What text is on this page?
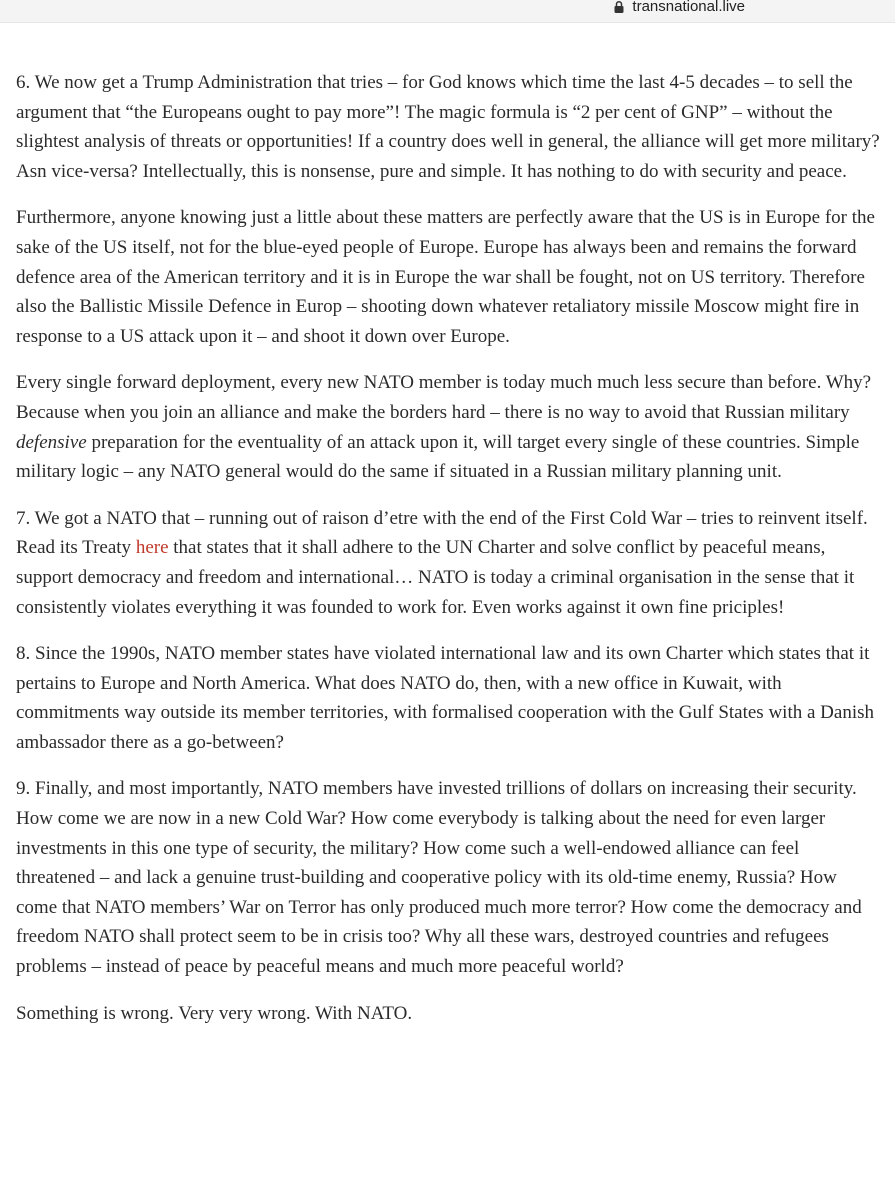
transnational.live

6. We now get a Trump Administration that tries – for God knows which time the last 4-5 decades – to sell the argument that “the Europeans ought to pay more”! The magic formula is “2 per cent of GNP” – without the slightest analysis of threats or opportunities! If a country does well in general, the alliance will get more military? Asn vice-versa? Intellectually, this is nonsense, pure and simple. It has nothing to do with security and peace.

Furthermore, anyone knowing just a little about these matters are perfectly aware that the US is in Europe for the sake of the US itself, not for the blue-eyed people of Europe. Europe has always been and remains the forward defence area of the American territory and it is in Europe the war shall be fought, not on US territory. Therefore also the Ballistic Missile Defence in Europ – shooting down whatever retaliatory missile Moscow might fire in response to a US attack upon it – and shoot it down over Europe.

Every single forward deployment, every new NATO member is today much much less secure than before. Why? Because when you join an alliance and make the borders hard – there is no way to avoid that Russian military defensive preparation for the eventuality of an attack upon it, will target every single of these countries. Simple military logic – any NATO general would do the same if situated in a Russian military planning unit.

7. We got a NATO that – running out of raison d’etre with the end of the First Cold War – tries to reinvent itself. Read its Treaty here that states that it shall adhere to the UN Charter and solve conflict by peaceful means, support democracy and freedom and international… NATO is today a criminal organisation in the sense that it consistently violates everything it was founded to work for. Even works against it own fine priciples!

8. Since the 1990s, NATO member states have violated international law and its own Charter which states that it pertains to Europe and North America. What does NATO do, then, with a new office in Kuwait, with commitments way outside its member territories, with formalised cooperation with the Gulf States with a Danish ambassador there as a go-between?

9. Finally, and most importantly, NATO members have invested trillions of dollars on increasing their security. How come we are now in a new Cold War? How come everybody is talking about the need for even larger investments in this one type of security, the military? How come such a well-endowed alliance can feel threatened – and lack a genuine trust-building and cooperative policy with its old-time enemy, Russia? How come that NATO members’ War on Terror has only produced much more terror? How come the democracy and freedom NATO shall protect seem to be in crisis too? Why all these wars, destroyed countries and refugees problems – instead of peace by peaceful means and much more peaceful world?

Something is wrong. Very very wrong. With NATO.
